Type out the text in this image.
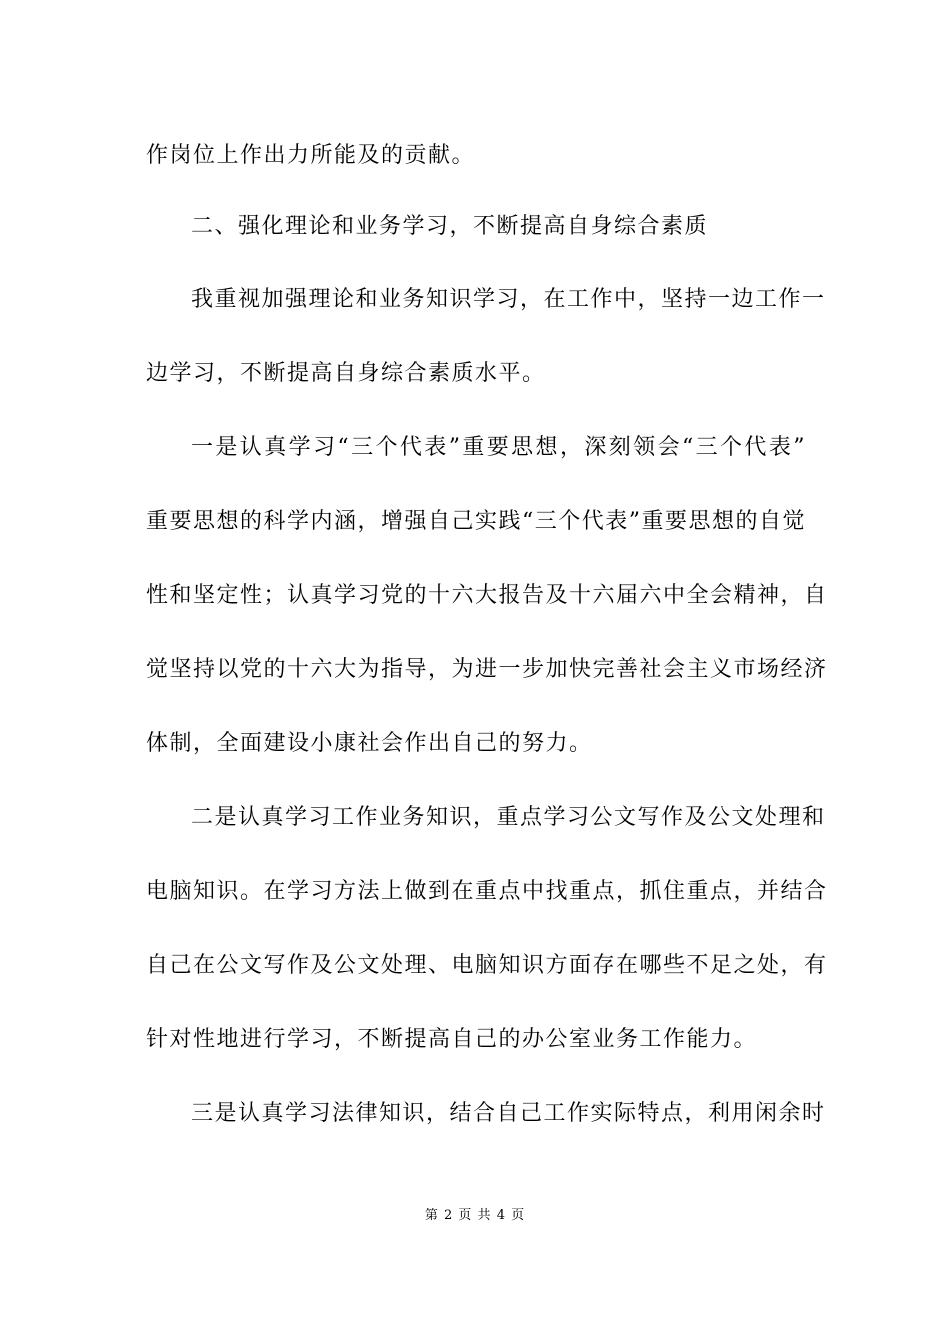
作岗位上作出力所能及的贡献。
二、强化理论和业务学习，不断提高自身综合素质
我重视加强理论和业务知识学习，在工作中，坚持一边工作一
边学习，不断提高自身综合素质水平。
一是认真学习“三个代表”重要思想，深刻领会“三个代表”
重要思想的科学内涵，增强自己实践“三个代表”重要思想的自觉
性和坚定性；认真学习党的十六大报告及十六届六中全会精神，自
觉坚持以党的十六大为指导，为进一步加快完善社会主义市场经济
体制，全面建设小康社会作出自己的努力。
二是认真学习工作业务知识，重点学习公文写作及公文处理和
电脑知识。在学习方法上做到在重点中找重点，抓住重点，并结合
自己在公文写作及公文处理、电脑知识方面存在哪些不足之处，有
针对性地进行学习，不断提高自己的办公室业务工作能力。
三是认真学习法律知识，结合自己工作实际特点，利用闲余时
第 2 页 共 4 页
